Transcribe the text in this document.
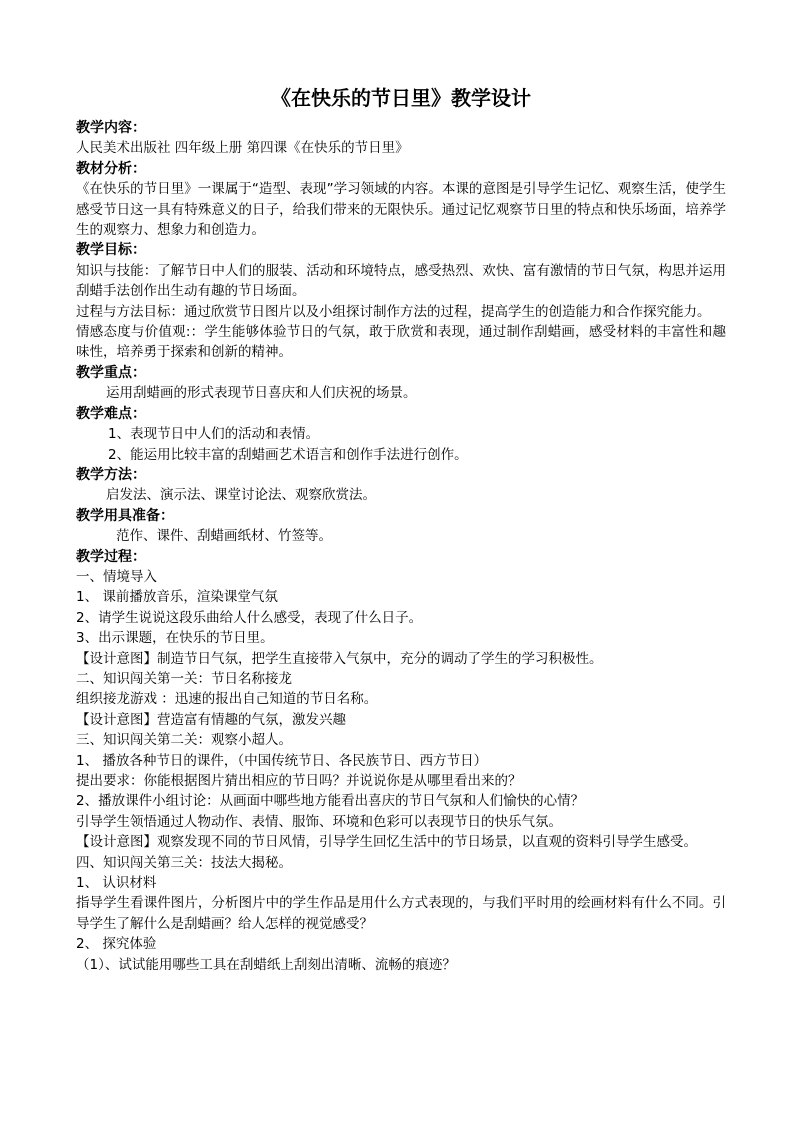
《在快乐的节日里》教学设计
教学内容：

人民美术出版社 四年级上册 第四课《在快乐的节日里》

教材分析：

《在快乐的节日里》一课属于“造型、表现”学习领域的内容。本课的意图是引导学生记忆、观察生活，使学生感受节日这一具有特殊意义的日子，给我们带来的无限快乐。通过记忆观察节日里的特点和快乐场面，培养学生的观察力、想象力和创造力。

教学目标：

知识与技能：了解节日中人们的服装、活动和环境特点，感受热烈、欢快、富有激情的节日气氛，构思并运用刮蜡手法创作出生动有趣的节日场面。

过程与方法目标：通过欣赏节日图片以及小组探讨制作方法的过程，提高学生的创造能力和合作探究能力。

情感态度与价值观:：学生能够体验节日的气氛，敢于欣赏和表现，通过制作刮蜡画，感受材料的丰富性和趣味性，培养勇于探索和创新的精神。

教学重点：

运用刮蜡画的形式表现节日喜庆和人们庆祝的场景。

教学难点：

1、表现节日中人们的活动和表情。

2、能运用比较丰富的刮蜡画艺术语言和创作手法进行创作。

教学方法：

启发法、演示法、课堂讨论法、观察欣赏法。

教学用具准备：

范作、课件、刮蜡画纸材、竹签等。

教学过程：

一、情境导入

1、 课前播放音乐，渲染课堂气氛

2、请学生说说这段乐曲给人什么感受，表现了什么日子。

3、出示课题，在快乐的节日里。

【设计意图】制造节日气氛，把学生直接带入气氛中，充分的调动了学生的学习积极性。

二、知识闯关第一关：节日名称接龙

组织接龙游戏 ：迅速的报出自己知道的节日名称。

【设计意图】营造富有情趣的气氛，激发兴趣

三、知识闯关第二关：观察小超人。

1、 播放各种节日的课件，（中国传统节日、各民族节日、西方节日）

提出要求：你能根据图片猜出相应的节日吗？并说说你是从哪里看出来的？

2、播放课件小组讨论：从画面中哪些地方能看出喜庆的节日气氛和人们愉快的心情？

引导学生领悟通过人物动作、表情、服饰、环境和色彩可以表现节日的快乐气氛。

【设计意图】观察发现不同的节日风情，引导学生回忆生活中的节日场景，以直观的资料引导学生感受。

四、知识闯关第三关：技法大揭秘。

1、 认识材料

指导学生看课件图片，分析图片中的学生作品是用什么方式表现的，与我们平时用的绘画材料有什么不同。引导学生了解什么是刮蜡画？给人怎样的视觉感受？

2、 探究体验

（1）、试试能用哪些工具在刮蜡纸上刮刻出清晰、流畅的痕迹？
